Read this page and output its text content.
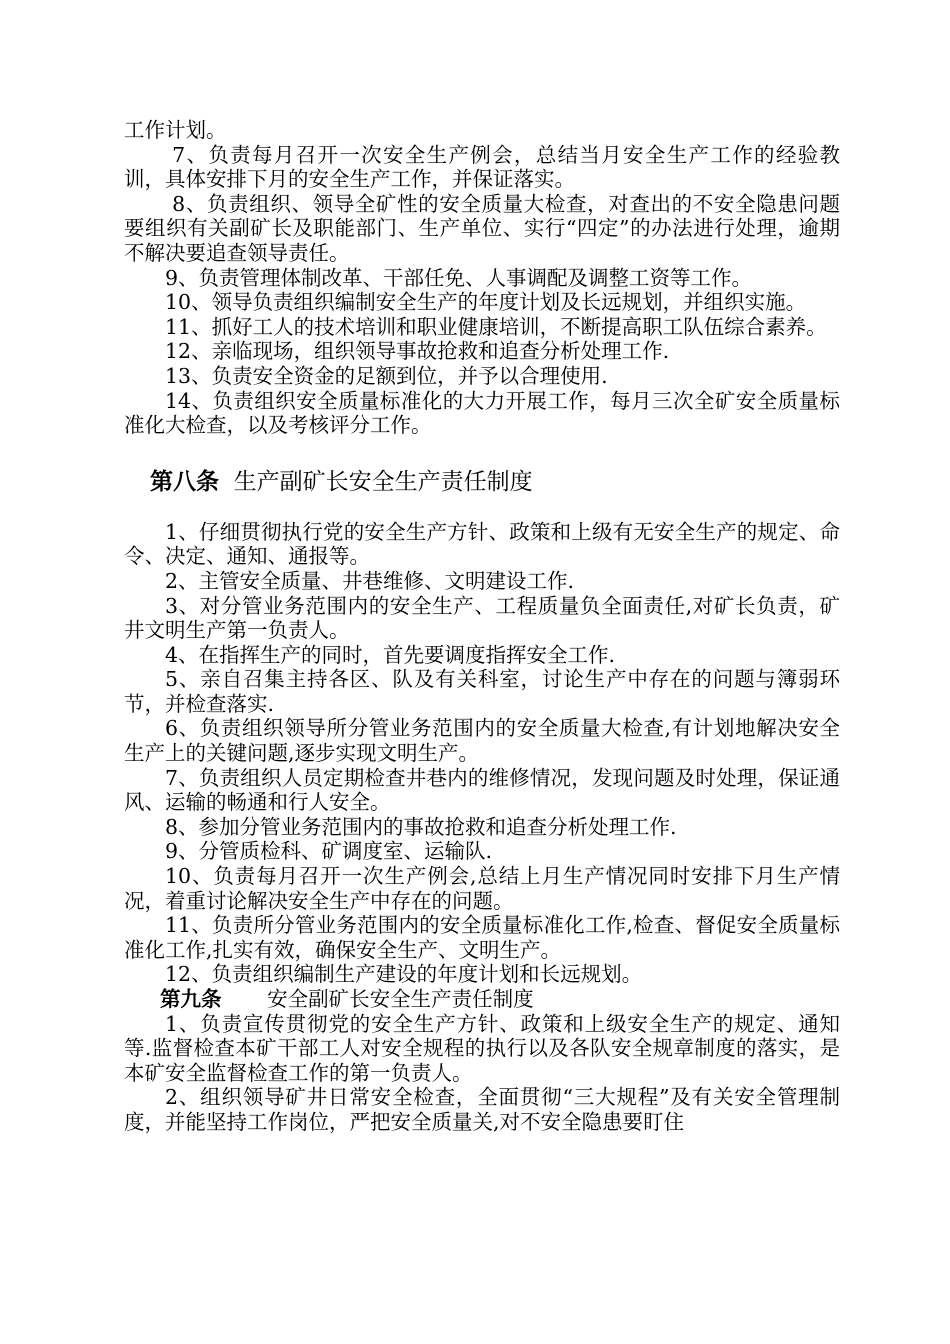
工作计划。

7、负责每月召开一次安全生产例会，总结当月安全生产工作的经验教训，具体安排下月的安全生产工作，并保证落实。

8、负责组织、领导全矿性的安全质量大检查，对查出的不安全隐患问题要组织有关副矿长及职能部门、生产单位、实行“四定”的办法进行处理，逾期不解决要追查领导责任。

9、负责管理体制改革、干部任免、人事调配及调整工资等工作。

10、领导负责组织编制安全生产的年度计划及长远规划，并组织实施。

11、抓好工人的技术培训和职业健康培训，不断提高职工队伍综合素养。

12、亲临现场，组织领导事故抢救和追查分析处理工作.

13、负责安全资金的足额到位，并予以合理使用.

14、负责组织安全质量标准化的大力开展工作，每月三次全矿安全质量标准化大检查，以及考核评分工作。

第八条 生产副矿长安全生产责任制度

1、仔细贯彻执行党的安全生产方针、政策和上级有无安全生产的规定、命令、决定、通知、通报等。

2、主管安全质量、井巷维修、文明建设工作.

3、对分管业务范围内的安全生产、工程质量负全面责任,对矿长负责，矿井文明生产第一负责人。

4、在指挥生产的同时，首先要调度指挥安全工作.

5、亲自召集主持各区、队及有关科室，讨论生产中存在的问题与簿弱环节，并检查落实.

6、负责组织领导所分管业务范围内的安全质量大检查,有计划地解决安全生产上的关键问题,逐步实现文明生产。

7、负责组织人员定期检查井巷内的维修情况，发现问题及时处理，保证通风、运输的畅通和行人安全。

8、参加分管业务范围内的事故抢救和追查分析处理工作.

9、分管质检科、矿调度室、运输队.

10、负责每月召开一次生产例会,总结上月生产情况同时安排下月生产情况，着重讨论解决安全生产中存在的问题。

11、负责所分管业务范围内的安全质量标准化工作,检查、督促安全质量标准化工作,扎实有效，确保安全生产、文明生产。

12、负责组织编制生产建设的年度计划和长远规划。

第九条 安全副矿长安全生产责任制度

1、负责宣传贯彻党的安全生产方针、政策和上级安全生产的规定、通知等.监督检查本矿干部工人对安全规程的执行以及各队安全规章制度的落实，是本矿安全监督检查工作的第一负责人。

2、组织领导矿井日常安全检查，全面贯彻“三大规程”及有关安全管理制度，并能坚持工作岗位，严把安全质量关,对不安全隐患要盯住
